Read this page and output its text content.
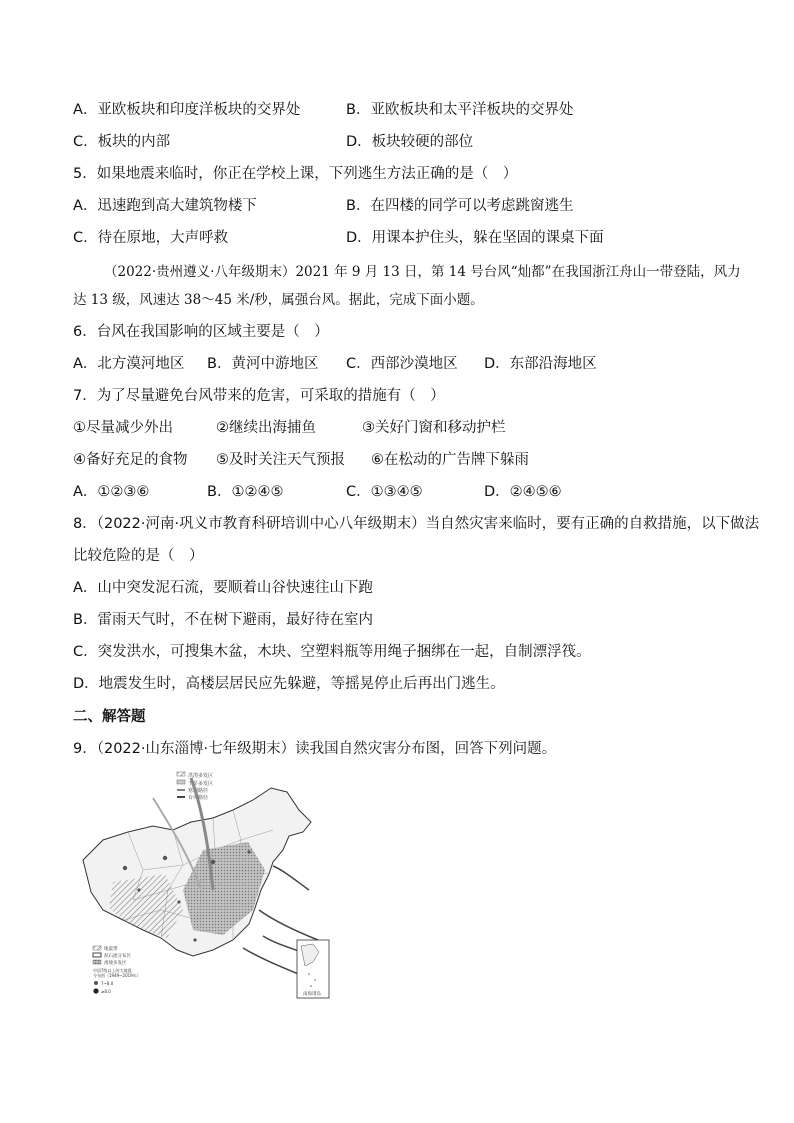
A．亚欧板块和印度洋板块的交界处	B．亚欧板块和太平洋板块的交界处
C．板块的内部	D．板块较硬的部位
5．如果地震来临时，你正在学校上课，下列逃生方法正确的是（　）
A．迅速跑到高大建筑物楼下	B．在四楼的同学可以考虑跳窗逃生
C．待在原地，大声呼救	D．用课本护住头，躲在坚固的课桌下面
（2022·贵州遵义·八年级期末）2021 年 9 月 13 日，第 14 号台风“灿都”在我国浙江舟山一带登陆，风力
达 13 级，风速达 38～45 米/秒，属强台风。据此，完成下面小题。
6．台风在我国影响的区域主要是（　）
A．北方漠河地区 B．黄河中游地区 C．西部沙漠地区 D．东部沿海地区
7．为了尽量避免台风带来的危害，可采取的措施有（　）
①尽量减少外出	②继续出海捕鱼	③关好门窗和移动护栏
④备好充足的食物 ⑤及时关注天气预报 ⑥在松动的广告牌下躲雨
A．①②③⑥	B．①②④⑤	C．①③④⑤	D．②④⑤⑥
8．（2022·河南·巩义市教育科研培训中心八年级期末）当自然灾害来临时，要有正确的自救措施，以下做法
比较危险的是（　）
A．山中突发泥石流，要顺着山谷快速往山下跑
B．雷雨天气时，不在树下避雨，最好待在室内
C．突发洪水，可搜集木盆，木块、空塑料瓶等用绳子捆绑在一起，自制漂浮筏。
D．地震发生时，高楼层居民应先躲避，等摇晃停止后再出门逃生。
二、解答题
9．（2022·山东淄博·七年级期末）读我国自然灾害分布图，回答下列问题。
洪涝多发区
干旱多发区
寒潮路径
台风路径
南海诸岛
地震带
泥石流分布区
滑坡多发区
中国7级以上的大地震
分布图（1949~2019年）
7~8.0
≥8.0
